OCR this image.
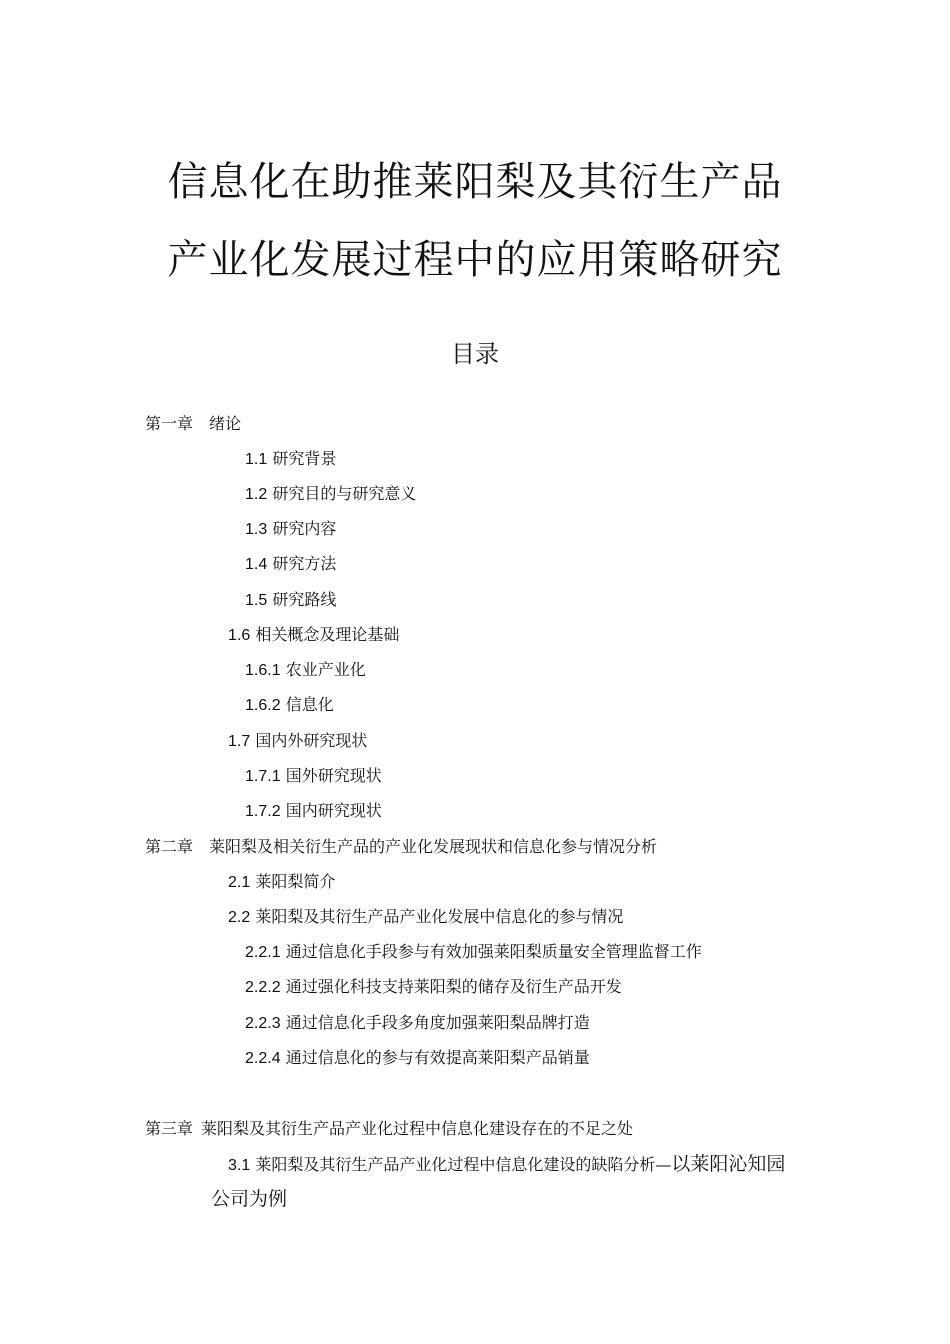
信息化在助推莱阳梨及其衍生产品
产业化发展过程中的应用策略研究
目录
第一章 绪论
1.1 研究背景
1.2 研究目的与研究意义
1.3 研究内容
1.4 研究方法
1.5 研究路线
1.6 相关概念及理论基础
1.6.1 农业产业化
1.6.2 信息化
1.7 国内外研究现状
1.7.1 国外研究现状
1.7.2 国内研究现状
第二章 莱阳梨及相关衍生产品的产业化发展现状和信息化参与情况分析
2.1 莱阳梨简介
2.2 莱阳梨及其衍生产品产业化发展中信息化的参与情况
2.2.1 通过信息化手段参与有效加强莱阳梨质量安全管理监督工作
2.2.2 通过强化科技支持莱阳梨的储存及衍生产品开发
2.2.3 通过信息化手段多角度加强莱阳梨品牌打造
2.2.4 通过信息化的参与有效提高莱阳梨产品销量
第三章 莱阳梨及其衍生产品产业化过程中信息化建设存在的不足之处
3.1 莱阳梨及其衍生产品产业化过程中信息化建设的缺陷分析—以莱阳沁知园
公司为例
